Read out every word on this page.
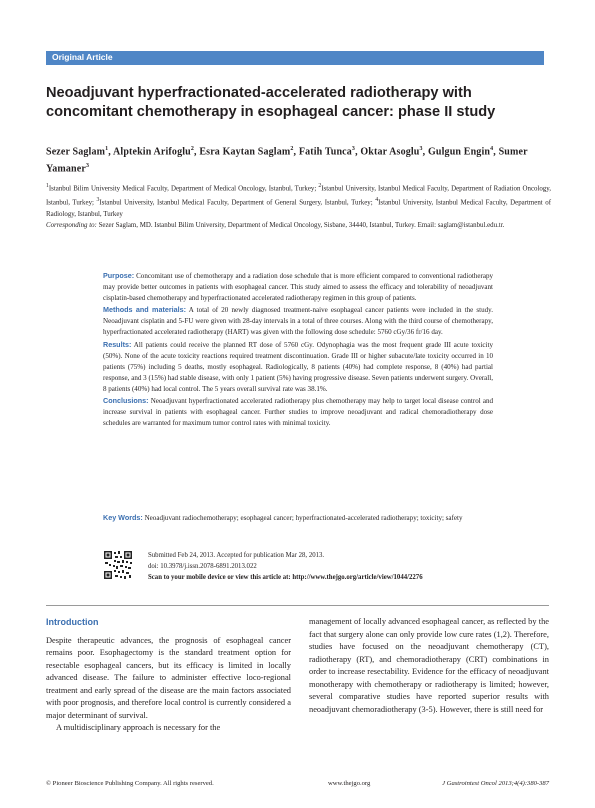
Original Article
Neoadjuvant hyperfractionated-accelerated radiotherapy with concomitant chemotherapy in esophageal cancer: phase II study
Sezer Saglam$^1$, Alptekin Arifoglu$^2$, Esra Kaytan Saglam$^2$, Fatih Tunca$^3$, Oktar Asoglu$^3$, Gulgun Engin$^4$, Sumer Yamaner$^3$
$^1$Istanbul Bilim University Medical Faculty, Department of Medical Oncology, Istanbul, Turkey; $^2$Istanbul University, Istanbul Medical Faculty, Department of Radiation Oncology, Istanbul, Turkey; $^3$Istanbul University, Istanbul Medical Faculty, Department of General Surgery, Istanbul, Turkey; $^4$Istanbul University, Istanbul Medical Faculty, Department of Radiology, Istanbul, Turkey
Corresponding to: Sezer Saglam, MD. Istanbul Bilim University, Department of Medical Oncology, Sisbane, 34440, Istanbul, Turkey. Email: saglam@istanbul.edu.tr.

Purpose: Concomitant use of chemotherapy and a radiation dose schedule that is more efficient compared to conventional radiotherapy may provide better outcomes in patients with esophageal cancer. This study aimed to assess the efficacy and tolerability of neoadjuvant cisplatin-based chemotherapy and hyperfractionated accelerated radiotherapy regimen in this group of patients.

Methods and materials: A total of 20 newly diagnosed treatment-naive esophageal cancer patients were included in the study. Neoadjuvant cisplatin and 5-FU were given with 28-day intervals in a total of three courses. Along with the third course of chemotherapy, hyperfractionated accelerated radiotherapy (HART) was given with the following dose schedule: 5760 cGy/36 fr/16 day.

Results: All patients could receive the planned RT dose of 5760 cGy. Odynophagia was the most frequent grade III acute toxicity (50%). None of the acute toxicity reactions required treatment discontinuation. Grade III or higher subacute/late toxicity occurred in 10 patients (75%) including 5 deaths, mostly esophageal. Radiologically, 8 patients (40%) had complete response, 8 (40%) had partial response, and 3 (15%) had stable disease, with only 1 patient (5%) having progressive disease. Seven patients underwent surgery. Overall, 8 patients (40%) had local control. The 5 years overall survival rate was 38.1%.

Conclusions: Neoadjuvant hyperfractionated accelerated radiotherapy plus chemotherapy may help to target local disease control and increase survival in patients with esophageal cancer. Further studies to improve neoadjuvant and radical chemoradiotherapy dose schedules are warranted for maximum tumor control rates with minimal toxicity.

Key Words: Neoadjuvant radiochemotherapy; esophageal cancer; hyperfractionated-accelerated radiotherapy; toxicity; safety
Submitted Feb 24, 2013. Accepted for publication Mar 28, 2013.
doi: 10.3978/j.issn.2078-6891.2013.022
Scan to your mobile device or view this article at: http://www.thejgo.org/article/view/1044/2276

Introduction

Despite therapeutic advances, the prognosis of esophageal cancer remains poor. Esophagectomy is the standard treatment option for resectable esophageal cancers, but its efficacy is limited in locally advanced disease. The failure to administer effective loco-regional treatment and early spread of the disease are the main factors associated with poor prognosis, and therefore local control is currently considered a major determinant of survival.

A multidisciplinary approach is necessary for the

management of locally advanced esophageal cancer, as reflected by the fact that surgery alone can only provide low cure rates (1,2). Therefore, studies have focused on the neoadjuvant chemotherapy (CT), radiotherapy (RT), and chemoradiotherapy (CRT) combinations in order to increase resectability. Evidence for the efficacy of neoadjuvant monotherapy with chemotherapy or radiotherapy is limited; however, several comparative studies have reported superior results with neoadjuvant chemoradiotherapy (3-5). However, there is still need for

© Pioneer Bioscience Publishing Company. All rights reserved.	www.thejgo.org	J Gastrointest Oncol 2013;4(4):380-387
